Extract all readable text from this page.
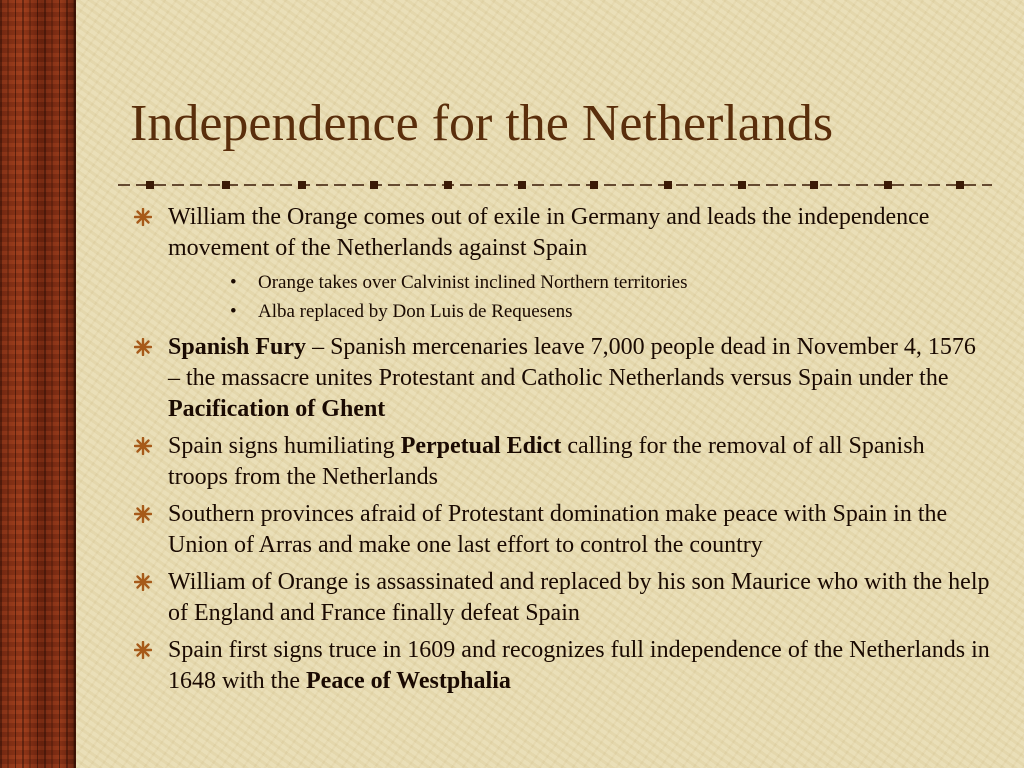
Independence for the Netherlands
William the Orange comes out of exile in Germany and leads the independence movement of the Netherlands against Spain
• Orange takes over Calvinist inclined Northern territories
• Alba replaced by Don Luis de Requesens
Spanish Fury – Spanish mercenaries leave 7,000 people dead in November 4, 1576 – the massacre unites Protestant and Catholic Netherlands versus Spain under the Pacification of Ghent
Spain signs humiliating Perpetual Edict calling for the removal of all Spanish troops from the Netherlands
Southern provinces afraid of Protestant domination make peace with Spain in the Union of Arras and make one last effort to control the country
William of Orange is assassinated and replaced by his son Maurice who with the help of England and France finally defeat Spain
Spain first signs truce in 1609 and recognizes full independence of the Netherlands in 1648 with the Peace of Westphalia
